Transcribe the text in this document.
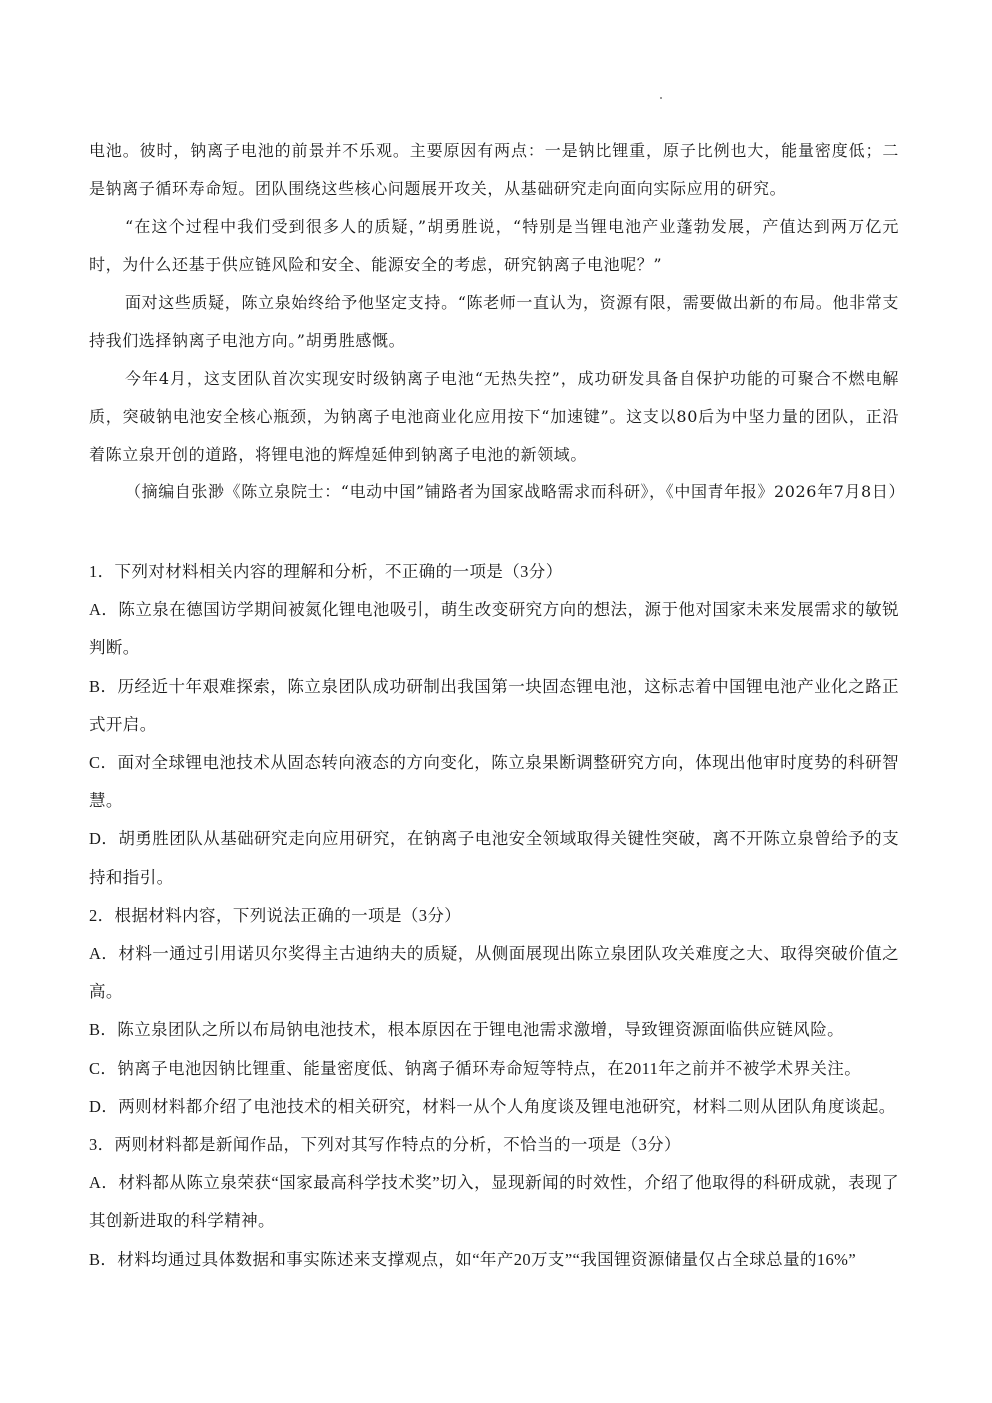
电池。彼时，钠离子电池的前景并不乐观。主要原因有两点：一是钠比锂重，原子比例也大，能量密度低；二是钠离子循环寿命短。团队围绕这些核心问题展开攻关，从基础研究走向面向实际应用的研究。

“在这个过程中我们受到很多人的质疑，”胡勇胜说，“特别是当锂电池产业蓬勃发展，产值达到两万亿元时，为什么还基于供应链风险和安全、能源安全的考虑，研究钠离子电池呢？”

面对这些质疑，陈立泉始终给予他坚定支持。“陈老师一直认为，资源有限，需要做出新的布局。他非常支持我们选择钠离子电池方向。”胡勇胜感慨。

今年4月，这支团队首次实现安时级钠离子电池“无热失控”，成功研发具备自保护功能的可聚合不燃电解质，突破钠电池安全核心瓶颈，为钠离子电池商业化应用按下“加速键”。这支以80后为中坚力量的团队，正沿着陈立泉开创的道路，将锂电池的辉煌延伸到钠离子电池的新领域。

（摘编自张渺《陈立泉院士：“电动中国”铺路者为国家战略需求而科研》，《中国青年报》2026年7月8日）

1．下列对材料相关内容的理解和分析，不正确的一项是（3分）

A．陈立泉在德国访学期间被氮化锂电池吸引，萌生改变研究方向的想法，源于他对国家未来发展需求的敏锐判断。

B．历经近十年艰难探索，陈立泉团队成功研制出我国第一块固态锂电池，这标志着中国锂电池产业化之路正式开启。

C．面对全球锂电池技术从固态转向液态的方向变化，陈立泉果断调整研究方向，体现出他审时度势的科研智慧。

D．胡勇胜团队从基础研究走向应用研究，在钠离子电池安全领域取得关键性突破，离不开陈立泉曾给予的支持和指引。

2．根据材料内容，下列说法正确的一项是（3分）

A．材料一通过引用诺贝尔奖得主古迪纳夫的质疑，从侧面展现出陈立泉团队攻关难度之大、取得突破价值之高。

B．陈立泉团队之所以布局钠电池技术，根本原因在于锂电池需求激增，导致锂资源面临供应链风险。

C．钠离子电池因钠比锂重、能量密度低、钠离子循环寿命短等特点，在2011年之前并不被学术界关注。

D．两则材料都介绍了电池技术的相关研究，材料一从个人角度谈及锂电池研究，材料二则从团队角度谈起。

3．两则材料都是新闻作品，下列对其写作特点的分析，不恰当的一项是（3分）

A．材料都从陈立泉荣获“国家最高科学技术奖”切入，显现新闻的时效性，介绍了他取得的科研成就，表现了其创新进取的科学精神。

B．材料均通过具体数据和事实陈述来支撑观点，如“年产20万支”“我国锂资源储量仅占全球总量的16%”
